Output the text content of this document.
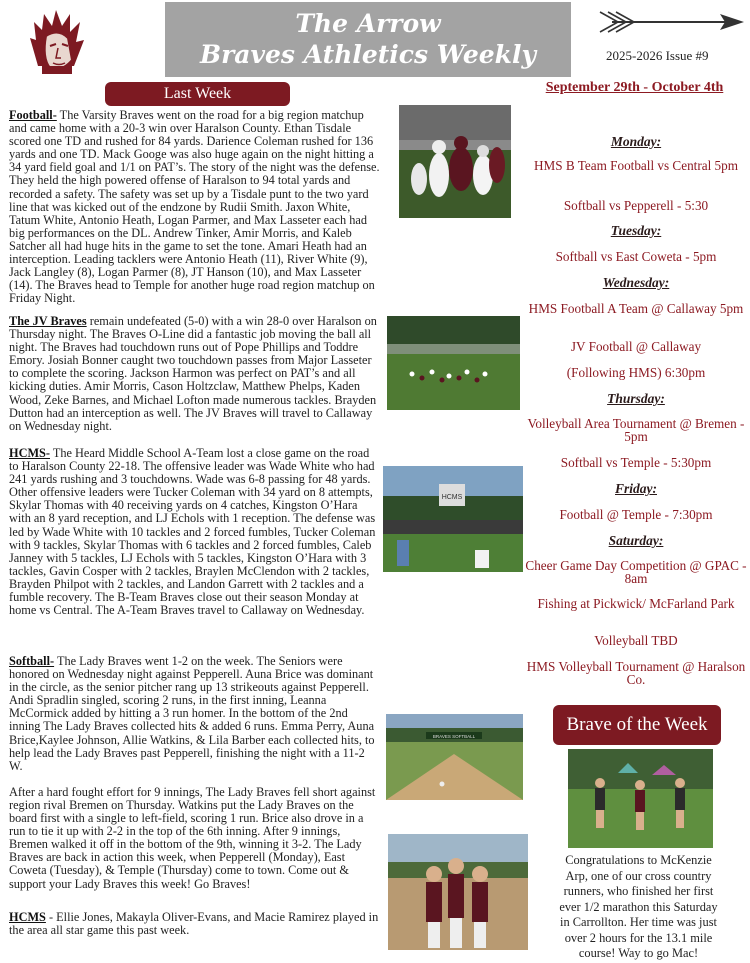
The Arrow
Braves Athletics Weekly	2025-2026 Issue #9
Last Week

Football- The Varsity Braves went on the road for a big region matchup and came home with a 20-3 win over Haralson County. Ethan Tisdale scored one TD and rushed for 84 yards. Darience Coleman rushed for 136 yards and one TD. Mack Googe was also huge again on the night hitting a 34 yard field goal and 1/1 on PAT’s. The story of the night was the defense. They held the high powered offense of Haralson to 94 total yards and recorded a safety. The safety was set up by a Tisdale punt to the two yard line that was kicked out of the endzone by Rudii Smith. Jaxon White, Tatum White, Antonio Heath, Logan Parmer, and Max Lasseter each had big performances on the DL. Andrew Tinker, Amir Morris, and Kaleb Satcher all had huge hits in the game to set the tone. Amari Heath had an interception. Leading tacklers were Antonio Heath (11), River White (9), Jack Langley (8), Logan Parmer (8), JT Hanson (10), and Max Lasseter (14). The Braves head to Temple for another huge road region matchup on Friday Night.

The JV Braves remain undefeated (5-0) with a win 28-0 over Haralson on Thursday night. The Braves O-Line did a fantastic job moving the ball all night. The Braves had touchdown runs out of Pope Phillips and Toddre Emory. Josiah Bonner caught two touchdown passes from Major Lasseter to complete the scoring. Jackson Harmon was perfect on PAT’s and all kicking duties. Amir Morris, Cason Holtzclaw, Matthew Phelps, Kaden Wood, Zeke Barnes, and Michael Lofton made numerous tackles. Brayden Dutton had an interception as well. The JV Braves will travel to Callaway on Wednesday night.

HCMS- The Heard Middle School A-Team lost a close game on the road to Haralson County 22-18. The offensive leader was Wade White who had 241 yards rushing and 3 touchdowns. Wade was 6-8 passing for 48 yards. Other offensive leaders were Tucker Coleman with 34 yard on 8 attempts, Skylar Thomas with 40 receiving yards on 4 catches, Kingston O’Hara with an 8 yard reception, and LJ Echols with 1 reception. The defense was led by Wade White with 10 tackles and 2 forced fumbles, Tucker Coleman with 9 tackles, Skylar Thomas with 6 tackles and 2 forced fumbles, Caleb Janney with 5 tackles, LJ Echols with 5 tackles, Kingston O’Hara with 3 tackles, Gavin Cosper with 2 tackles, Braylen McClendon with 2 tackles, Brayden Philpot with 2 tackles, and Landon Garrett with 2 tackles and a fumble recovery. The B-Team Braves close out their season Monday at home vs Central. The A-Team Braves travel to Callaway on Wednesday.

Softball- The Lady Braves went 1-2 on the week. The Seniors were honored on Wednesday night against Pepperell. Auna Brice was dominant in the circle, as the senior pitcher rang up 13 strikeouts against Pepperell. Andi Spradlin singled, scoring 2 runs, in the first inning, Leanna McCormick added by hitting a 3 run homer. In the bottom of the 2nd inning The Lady Braves collected hits & added 6 runs. Emma Perry, Auna Brice,Kaylee Johnson, Allie Watkins, & Lila Barber each collected hits, to help lead the Lady Braves past Pepperell, finishing the night with a 11-2 W.

After a hard fought effort for 9 innings, The Lady Braves fell short against region rival Bremen on Thursday. Watkins put the Lady Braves on the board first with a single to left-field, scoring 1 run. Brice also drove in a run to tie it up with 2-2 in the top of the 6th inning. After 9 innings, Bremen walked it off in the bottom of the 9th, winning it 3-2. The Lady Braves are back in action this week, when Pepperell (Monday), East Coweta (Tuesday), & Temple (Thursday) come to town. Come out & support your Lady Braves this week! Go Braves!

HCMS - Ellie Jones, Makayla Oliver-Evans, and Macie Ramirez played in the area all star game this past week.

HCMS
BRAVES SOFTBALL
September 29th - October 4th
Monday:
HMS B Team Football vs Central 5pm
Softball vs Pepperell - 5:30
Tuesday:
Softball vs East Coweta - 5pm
Wednesday:
HMS Football A Team @ Callaway 5pm
JV Football @ Callaway
(Following HMS) 6:30pm
Thursday:
Volleyball Area Tournament @ Bremen - 5pm
Softball vs Temple - 5:30pm
Friday:
Football @ Temple - 7:30pm
Saturday:
Cheer Game Day Competition @ GPAC - 8am
Fishing at Pickwick/ McFarland Park
Volleyball TBD
HMS Volleyball Tournament @ Haralson Co.
Brave of the Week
Congratulations to McKenzie Arp, one of our cross country runners, who finished her first ever 1/2 marathon this Saturday in Carrollton. Her time was just over 2 hours for the 13.1 mile course! Way to go Mac!
